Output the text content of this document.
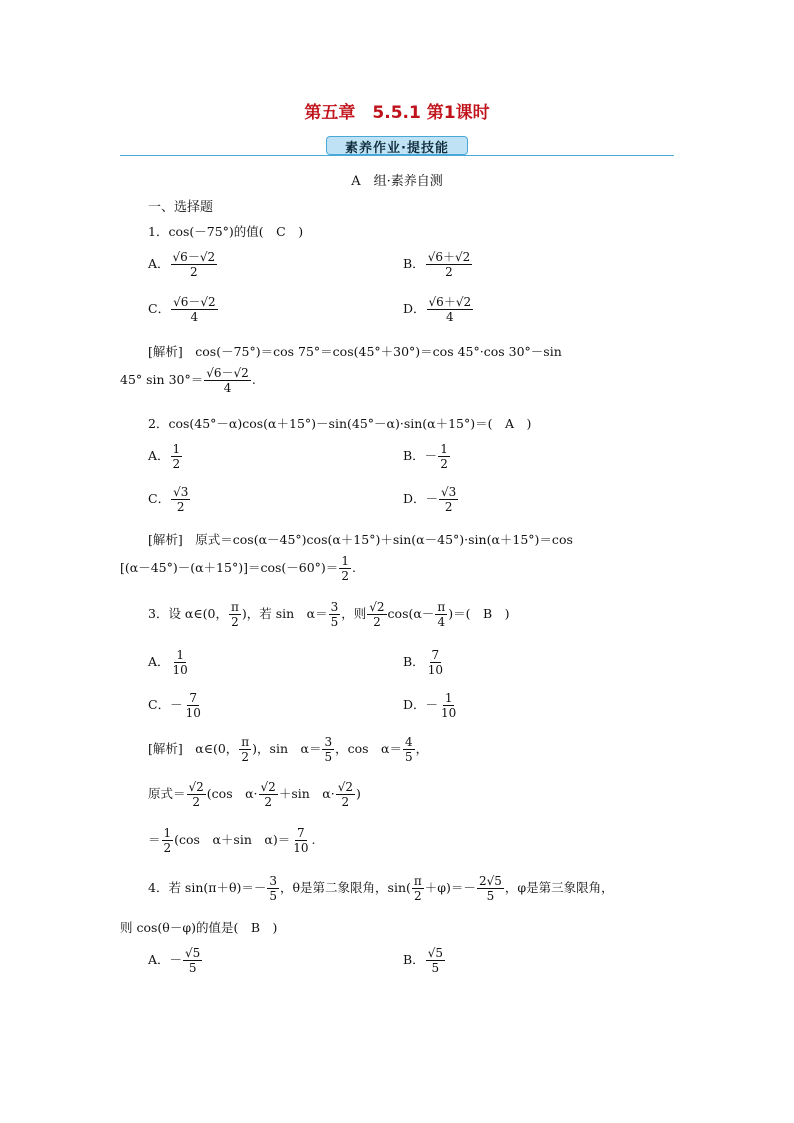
第五章　5.5.1 第1课时
素养作业·提技能
A　组·素养自测
一、选择题
1．cos(－75°)的值(　C　)
A． $\frac{√6-√2}{2}$	B． $\frac{√6+√2}{2}$
C． $\frac{√6-√2}{4}$	D． $\frac{√6+√2}{4}$
[解析]　cos(－75°)＝cos 75°＝cos(45°＋30°)＝cos 45°·cos 30°－sin
45° $\sin 30^\circ= \frac{√6-√2}{4}$ .
2．cos(45°－α)cos(α＋15°)－sin(45°－α)·sin(α＋15°)＝(　A　)
A． $\frac{1}{2}$	B．－ $\frac{1}{2}$
C． $\frac{√3}{2}$	D．－ $\frac{√3}{2}$
[解析]　原式＝cos(α－45°)cos(α＋15°)＋sin(α－45°)·sin(α＋15°)＝cos
$[(\alpha-45^\circ)-(\alpha+15^\circ)]=\cos(-60^\circ)= \frac{1}{2}$ .
3．设 α∈(0， $\frac{\pi}{2}$ )，若 sin　$\alpha= \frac{3}{5}$ ，则 $\frac{√2}{2} \cos(\alpha- \frac{\pi}{4}$ )＝(　B　)
A． $\frac{1}{10}$	B． $\frac{7}{10}$
C．－ $\frac{7}{10}$	D．－ $\frac{1}{10}$
[解析]　α∈(0， $\frac{\pi}{2}$ )，sin　$\alpha= \frac{3}{5}$ ，cos　$\alpha= \frac{4}{5}$ ，
原式＝ $\frac{√2}{2} (\cos$　$\alpha\cdot \frac{√2}{2} +\sin$　$\alpha\cdot \frac{√2}{2}$ )
＝ $\frac{1}{2} (\cos$　α＋sin　$\alpha)= \frac{7}{10}$ .
4．若 $\sin(\pi+\theta)=- \frac{3}{5}$ ，θ是第二象限角，$\sin( \frac{\pi}{2} +\varphi)=- \frac{2√5}{5}$ ，φ是第三象限角，
则 cos(θ－φ)的值是(　B　)
A．－ $\frac{√5}{5}$	B． $\frac{√5}{5}$
